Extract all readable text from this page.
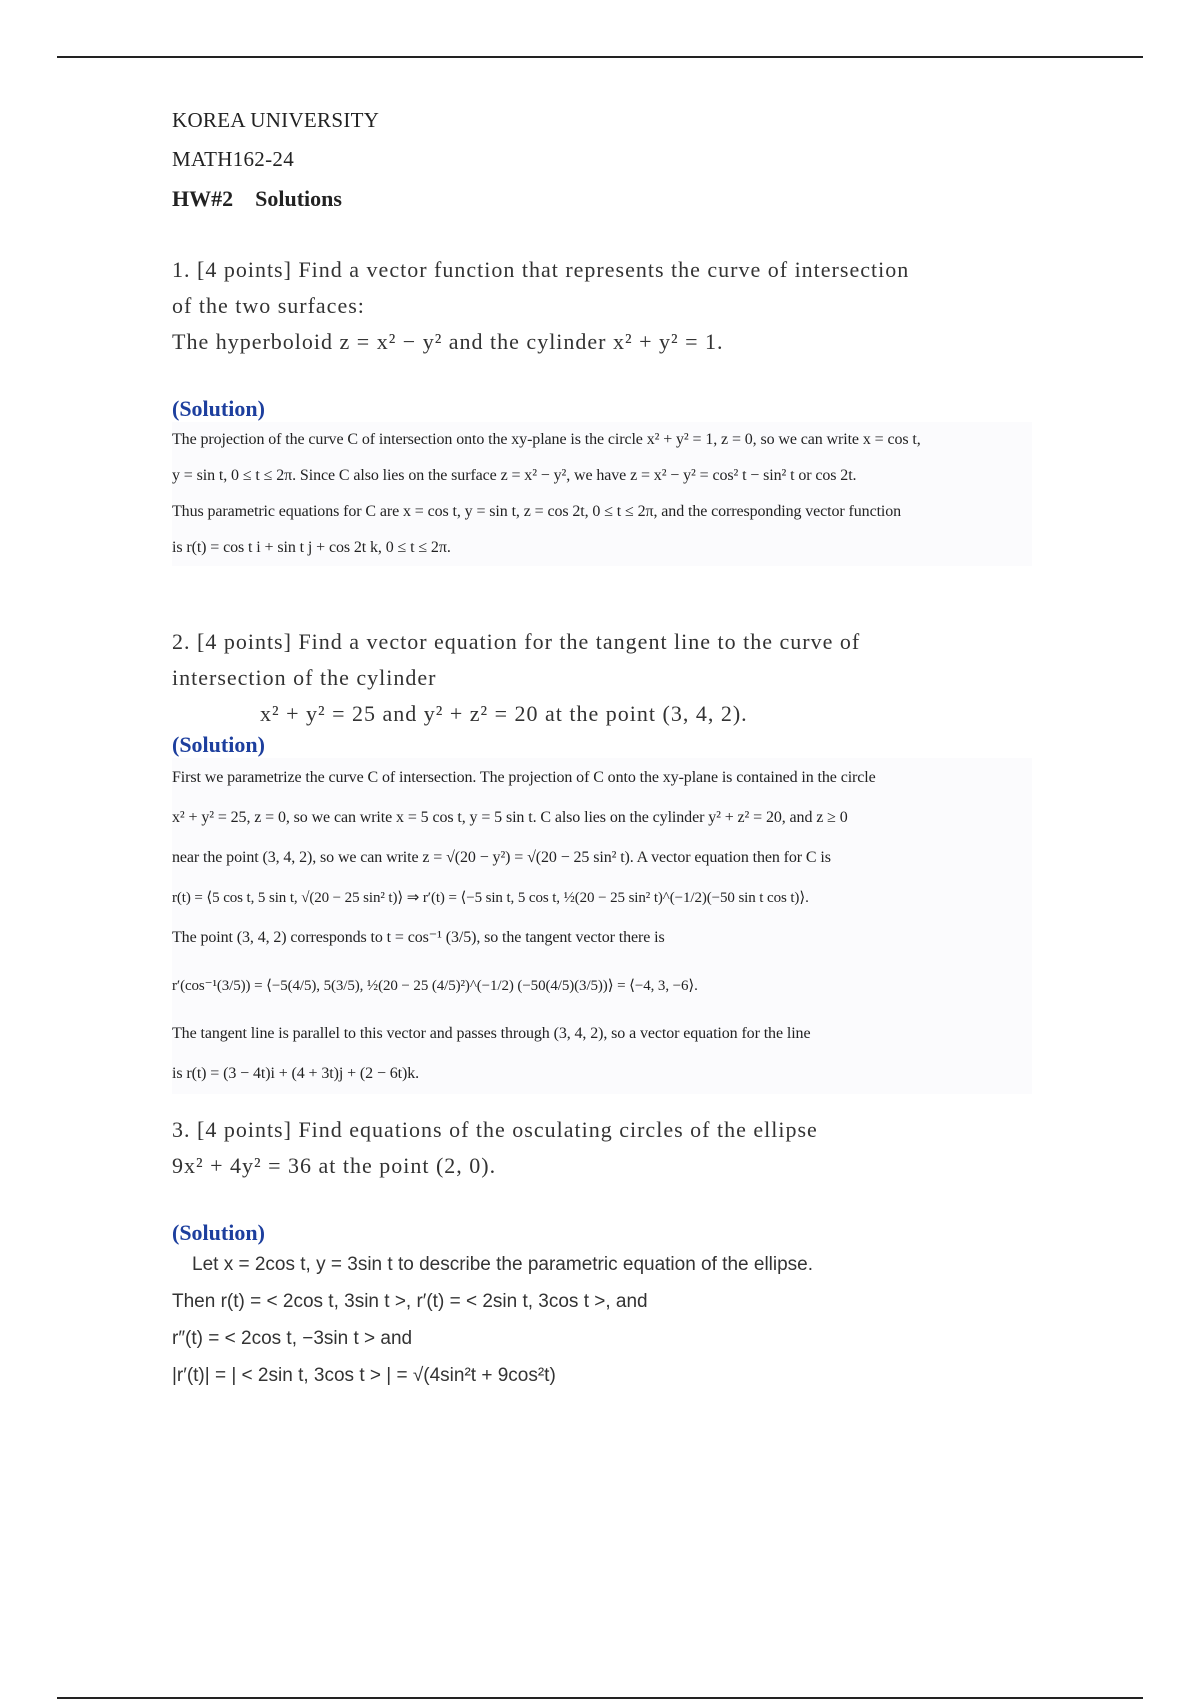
KOREA UNIVERSITY
MATH162-24
HW#2 Solutions
1. [4 points] Find a vector function that represents the curve of intersection
of the two surfaces:
The hyperboloid z = x² − y² and the cylinder x² + y² = 1.
(Solution)
The projection of the curve C of intersection onto the xy-plane is the circle x² + y² = 1, z = 0, so we can write x = cos t,
y = sin t, 0 ≤ t ≤ 2π. Since C also lies on the surface z = x² − y², we have z = x² − y² = cos² t − sin² t or cos 2t.
Thus parametric equations for C are x = cos t, y = sin t, z = cos 2t, 0 ≤ t ≤ 2π, and the corresponding vector function
is r(t) = cos t i + sin t j + cos 2t k, 0 ≤ t ≤ 2π.
2. [4 points] Find a vector equation for the tangent line to the curve of
intersection of the cylinder
x² + y² = 25 and y² + z² = 20 at the point (3, 4, 2).
(Solution)
First we parametrize the curve C of intersection. The projection of C onto the xy-plane is contained in the circle
x² + y² = 25, z = 0, so we can write x = 5 cos t, y = 5 sin t. C also lies on the cylinder y² + z² = 20, and z ≥ 0
near the point (3, 4, 2), so we can write z = √(20 − y²) = √(20 − 25 sin² t). A vector equation then for C is
r(t) = ⟨5 cos t, 5 sin t, √(20 − 25 sin² t)⟩ ⇒ r′(t) = ⟨−5 sin t, 5 cos t, ½(20 − 25 sin² t)^(−1/2)(−50 sin t cos t)⟩.
The point (3, 4, 2) corresponds to t = cos⁻¹ (3/5), so the tangent vector there is
r′(cos⁻¹(3/5)) = ⟨−5(4/5), 5(3/5), ½(20 − 25 (4/5)²)^(−1/2) (−50(4/5)(3/5))⟩ = ⟨−4, 3, −6⟩.
The tangent line is parallel to this vector and passes through (3, 4, 2), so a vector equation for the line
is r(t) = (3 − 4t)i + (4 + 3t)j + (2 − 6t)k.
3. [4 points] Find equations of the osculating circles of the ellipse
9x² + 4y² = 36 at the point (2, 0).
(Solution)
Let x = 2cos t, y = 3sin t to describe the parametric equation of the ellipse.
Then r(t) = < 2cos t, 3sin t >, r′(t) = < 2sin t, 3cos t >, and
r″(t) = < 2cos t, −3sin t > and
|r′(t)| = | < 2sin t, 3cos t > | = √(4sin²t + 9cos²t)
